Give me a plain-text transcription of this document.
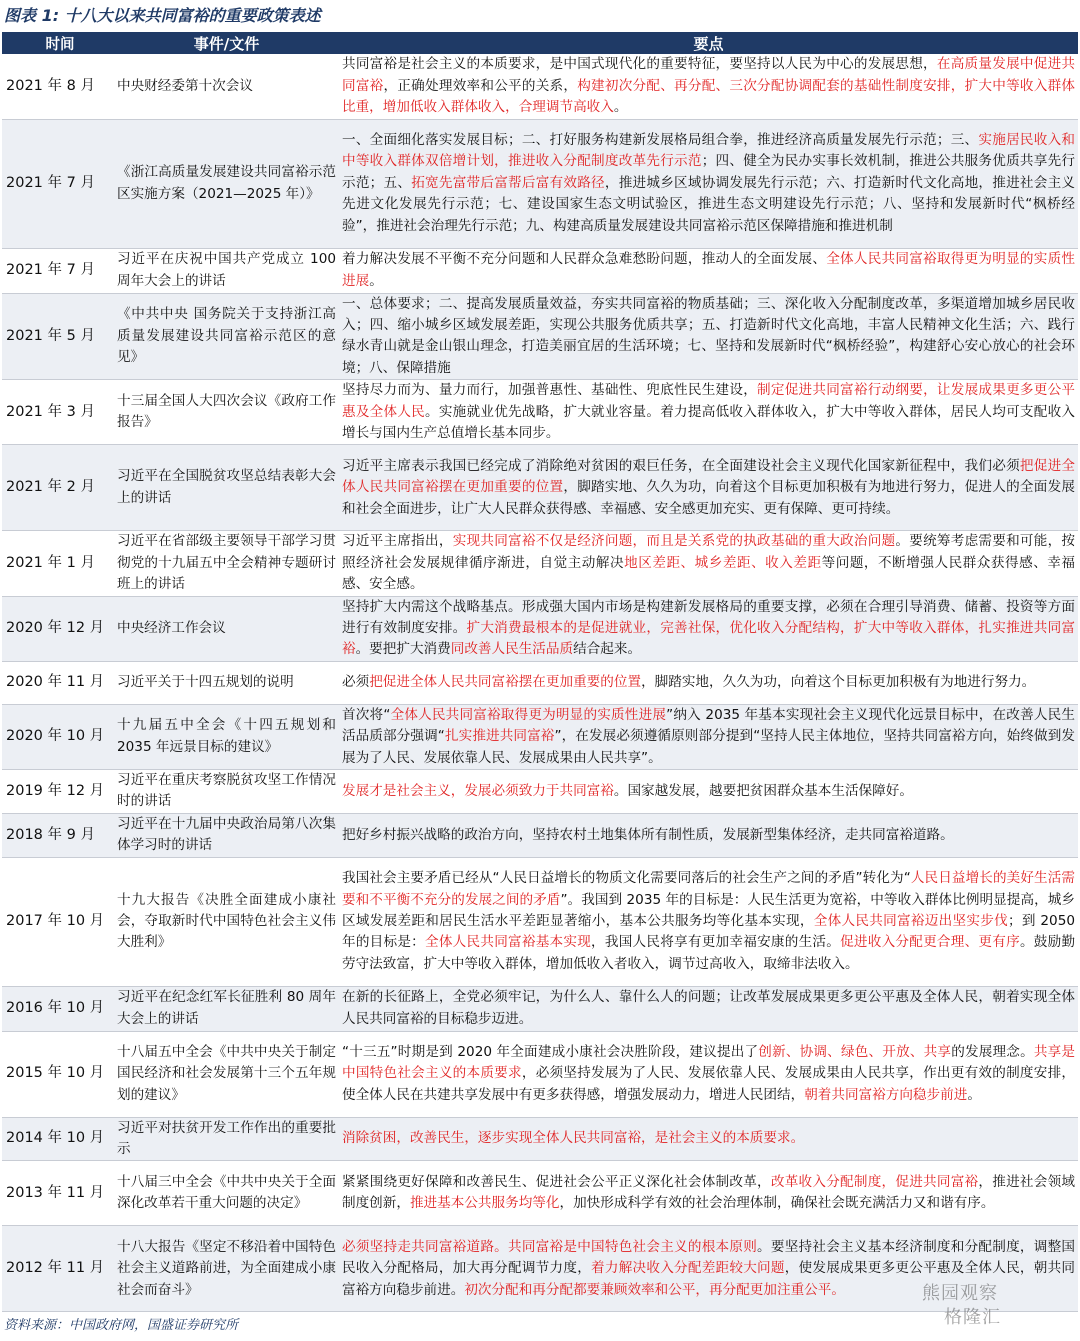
图表 1: 十八大以来共同富裕的重要政策表述
时间	事件/文件	要点
2021 年 8 月	中央财经委第十次会议	共同富裕是社会主义的本质要求，是中国式现代化的重要特征，要坚持以人民为中心的发展思想，在高质量发展中促进共同富裕，正确处理效率和公平的关系，构建初次分配、再分配、三次分配协调配套的基础性制度安排，扩大中等收入群体比重，增加低收入群体收入，合理调节高收入。
2021 年 7 月	《浙江高质量发展建设共同富裕示范区实施方案（2021—2025 年）》	一、全面细化落实发展目标；二、打好服务构建新发展格局组合拳，推进经济高质量发展先行示范；三、实施居民收入和中等收入群体双倍增计划，推进收入分配制度改革先行示范；四、健全为民办实事长效机制，推进公共服务优质共享先行示范；五、拓宽先富带后富帮后富有效路径，推进城乡区域协调发展先行示范；六、打造新时代文化高地，推进社会主义先进文化发展先行示范；七、建设国家生态文明试验区，推进生态文明建设先行示范；八、坚持和发展新时代“枫桥经验”，推进社会治理先行示范；九、构建高质量发展建设共同富裕示范区保障措施和推进机制
2021 年 7 月	习近平在庆祝中国共产党成立 100 周年大会上的讲话	着力解决发展不平衡不充分问题和人民群众急难愁盼问题，推动人的全面发展、全体人民共同富裕取得更为明显的实质性进展。
2021 年 5 月	《中共中央 国务院关于支持浙江高质量发展建设共同富裕示范区的意见》	一、总体要求；二、提高发展质量效益，夯实共同富裕的物质基础；三、深化收入分配制度改革，多渠道增加城乡居民收入；四、缩小城乡区域发展差距，实现公共服务优质共享；五、打造新时代文化高地，丰富人民精神文化生活；六、践行绿水青山就是金山银山理念，打造美丽宜居的生活环境；七、坚持和发展新时代“枫桥经验”，构建舒心安心放心的社会环境；八、保障措施
2021 年 3 月	十三届全国人大四次会议《政府工作报告》	坚持尽力而为、量力而行，加强普惠性、基础性、兜底性民生建设，制定促进共同富裕行动纲要，让发展成果更多更公平惠及全体人民。实施就业优先战略，扩大就业容量。着力提高低收入群体收入，扩大中等收入群体，居民人均可支配收入增长与国内生产总值增长基本同步。
2021 年 2 月	习近平在全国脱贫攻坚总结表彰大会上的讲话	习近平主席表示我国已经完成了消除绝对贫困的艰巨任务，在全面建设社会主义现代化国家新征程中，我们必须把促进全体人民共同富裕摆在更加重要的位置，脚踏实地、久久为功，向着这个目标更加积极有为地进行努力，促进人的全面发展和社会全面进步，让广大人民群众获得感、幸福感、安全感更加充实、更有保障、更可持续。
2021 年 1 月	习近平在省部级主要领导干部学习贯彻党的十九届五中全会精神专题研讨班上的讲话	习近平主席指出，实现共同富裕不仅是经济问题，而且是关系党的执政基础的重大政治问题。要统筹考虑需要和可能，按照经济社会发展规律循序渐进，自觉主动解决地区差距、城乡差距、收入差距等问题，不断增强人民群众获得感、幸福感、安全感。
2020 年 12 月	中央经济工作会议	坚持扩大内需这个战略基点。形成强大国内市场是构建新发展格局的重要支撑，必须在合理引导消费、储蓄、投资等方面进行有效制度安排。扩大消费最根本的是促进就业，完善社保，优化收入分配结构，扩大中等收入群体，扎实推进共同富裕。要把扩大消费同改善人民生活品质结合起来。
2020 年 11 月	习近平关于十四五规划的说明	必须把促进全体人民共同富裕摆在更加重要的位置，脚踏实地，久久为功，向着这个目标更加积极有为地进行努力。
2020 年 10 月	十九届五中全会《十四五规划和 2035 年远景目标的建议》	首次将“全体人民共同富裕取得更为明显的实质性进展”纳入 2035 年基本实现社会主义现代化远景目标中，在改善人民生活品质部分强调“扎实推进共同富裕”，在发展必须遵循原则部分提到“坚持人民主体地位，坚持共同富裕方向，始终做到发展为了人民、发展依靠人民、发展成果由人民共享”。
2019 年 12 月	习近平在重庆考察脱贫攻坚工作情况时的讲话	发展才是社会主义，发展必须致力于共同富裕。国家越发展，越要把贫困群众基本生活保障好。
2018 年 9 月	习近平在十九届中央政治局第八次集体学习时的讲话	把好乡村振兴战略的政治方向，坚持农村土地集体所有制性质，发展新型集体经济，走共同富裕道路。
2017 年 10 月	十九大报告《决胜全面建成小康社会，夺取新时代中国特色社会主义伟大胜利》	我国社会主要矛盾已经从“人民日益增长的物质文化需要同落后的社会生产之间的矛盾”转化为“人民日益增长的美好生活需要和不平衡不充分的发展之间的矛盾”。我国到 2035 年的目标是：人民生活更为宽裕，中等收入群体比例明显提高，城乡区域发展差距和居民生活水平差距显著缩小，基本公共服务均等化基本实现，全体人民共同富裕迈出坚实步伐；到 2050 年的目标是：全体人民共同富裕基本实现，我国人民将享有更加幸福安康的生活。促进收入分配更合理、更有序。鼓励勤劳守法致富，扩大中等收入群体，增加低收入者收入，调节过高收入，取缔非法收入。
2016 年 10 月	习近平在纪念红军长征胜利 80 周年大会上的讲话	在新的长征路上，全党必须牢记，为什么人、靠什么人的问题；让改革发展成果更多更公平惠及全体人民，朝着实现全体人民共同富裕的目标稳步迈进。
2015 年 10 月	十八届五中全会《中共中央关于制定国民经济和社会发展第十三个五年规划的建议》	“十三五”时期是到 2020 年全面建成小康社会决胜阶段，建议提出了创新、协调、绿色、开放、共享的发展理念。共享是中国特色社会主义的本质要求，必须坚持发展为了人民、发展依靠人民、发展成果由人民共享，作出更有效的制度安排，使全体人民在共建共享发展中有更多获得感，增强发展动力，增进人民团结，朝着共同富裕方向稳步前进。
2014 年 10 月	习近平对扶贫开发工作作出的重要批示	消除贫困，改善民生，逐步实现全体人民共同富裕，是社会主义的本质要求。
2013 年 11 月	十八届三中全会《中共中央关于全面深化改革若干重大问题的决定》	紧紧围绕更好保障和改善民生、促进社会公平正义深化社会体制改革，改革收入分配制度，促进共同富裕，推进社会领域制度创新，推进基本公共服务均等化，加快形成科学有效的社会治理体制，确保社会既充满活力又和谐有序。
2012 年 11 月	十八大报告《坚定不移沿着中国特色社会主义道路前进，为全面建成小康社会而奋斗》	必须坚持走共同富裕道路。共同富裕是中国特色社会主义的根本原则。要坚持社会主义基本经济制度和分配制度，调整国民收入分配格局，加大再分配调节力度，着力解决收入分配差距较大问题，使发展成果更多更公平惠及全体人民，朝共同富裕方向稳步前进。初次分配和再分配都要兼顾效率和公平，再分配更加注重公平。
资料来源：中国政府网，国盛证券研究所
熊园观察
格隆汇
